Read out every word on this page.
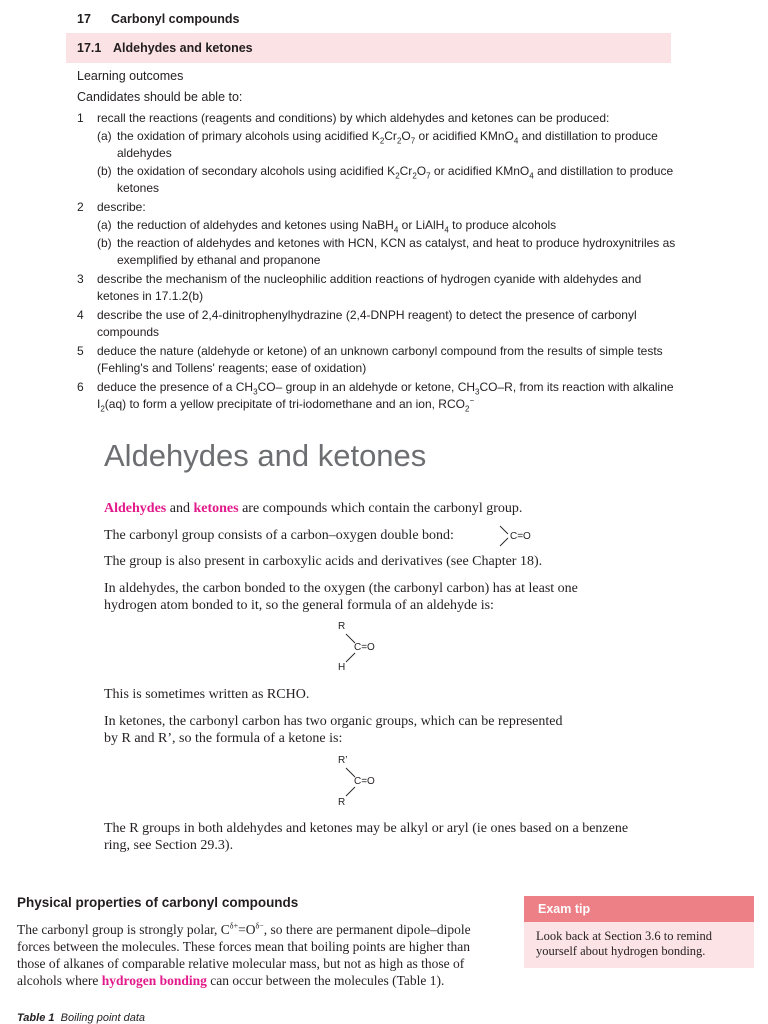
17 Carbonyl compounds
17.1 Aldehydes and ketones
Learning outcomes
Candidates should be able to:
1 recall the reactions (reagents and conditions) by which aldehydes and ketones can be produced:
(a) the oxidation of primary alcohols using acidified $K_2Cr_2O_7$ or acidified KMnO$_4$ and distillation to produce aldehydes
(b) the oxidation of secondary alcohols using acidified $K_2Cr_2O_7$ or acidified KMnO$_4$ and distillation to produce ketones
2 describe:
(a) the reduction of aldehydes and ketones using NaBH$_4$ or LiAlH$_4$ to produce alcohols
(b) the reaction of aldehydes and ketones with HCN, KCN as catalyst, and heat to produce hydroxynitriles as exemplified by ethanal and propanone
3 describe the mechanism of the nucleophilic addition reactions of hydrogen cyanide with aldehydes and ketones in 17.1.2(b)
4 describe the use of 2,4-dinitrophenylhydrazine (2,4-DNPH reagent) to detect the presence of carbonyl compounds
5 deduce the nature (aldehyde or ketone) of an unknown carbonyl compound from the results of simple tests (Fehling's and Tollens' reagents; ease of oxidation)
6 deduce the presence of a $CH_3CO-$ group in an aldehyde or ketone, $CH_3CO-R$, from its reaction with alkaline $I_2(aq)$ to form a yellow precipitate of tri-iodomethane and an ion, $RCO_2^-$
Aldehydes and ketones
Aldehydes and ketones are compounds which contain the carbonyl group.
The carbonyl group consists of a carbon–oxygen double bond:	C=O
The group is also present in carboxylic acids and derivatives (see Chapter 18).
In aldehydes, the carbon bonded to the oxygen (the carbonyl carbon) has at least one hydrogen atom bonded to it, so the general formula of an aldehyde is:
R
C=O
H
This is sometimes written as RCHO.
In ketones, the carbonyl carbon has two organic groups, which can be represented by R and R’, so the formula of a ketone is:
R’
C=O
R
The R groups in both aldehydes and ketones may be alkyl or aryl (ie ones based on a benzene ring, see Section 29.3).
Physical properties of carbonyl compounds
The carbonyl group is strongly polar, $C^{\delta+}=O^{\delta-}$, so there are permanent dipole–dipole forces between the molecules. These forces mean that boiling points are higher than those of alkanes of comparable relative molecular mass, but not as high as those of alcohols where hydrogen bonding can occur between the molecules (Table 1).
Table 1 Boiling point data
Exam tip
Look back at Section 3.6 to remind yourself about hydrogen bonding.
